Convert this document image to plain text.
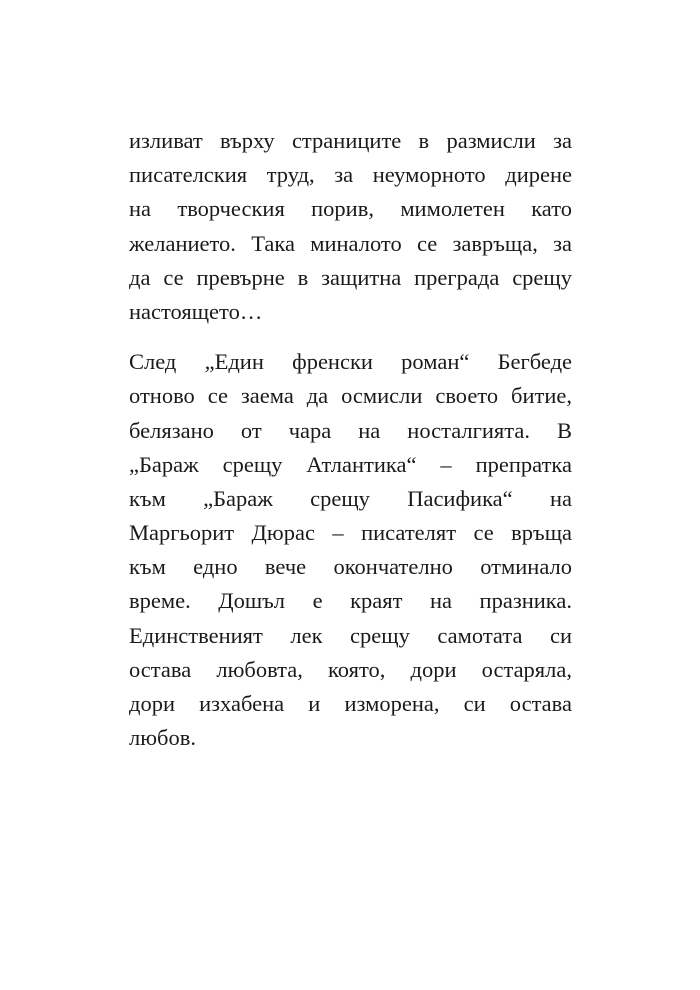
изливат върху страниците в размисли за
писателския труд, за неуморното дирене
на творческия порив, мимолетен като
желанието. Така миналото се завръща, за
да се превърне в защитна преграда срещу
настоящето…

След „Един френски роман“ Бегбеде
отново се заема да осмисли своето битие,
белязано от чара на носталгията. В
„Бараж срещу Атлантика“ – препратка
към „Бараж срещу Пасифика“ на
Маргьорит Дюрас – писателят се връща
към едно вече окончателно отминало
време. Дошъл е краят на празника.
Единственият лек срещу самотата си
остава любовта, която, дори остаряла,
дори изхабена и изморена, си остава
любов.
